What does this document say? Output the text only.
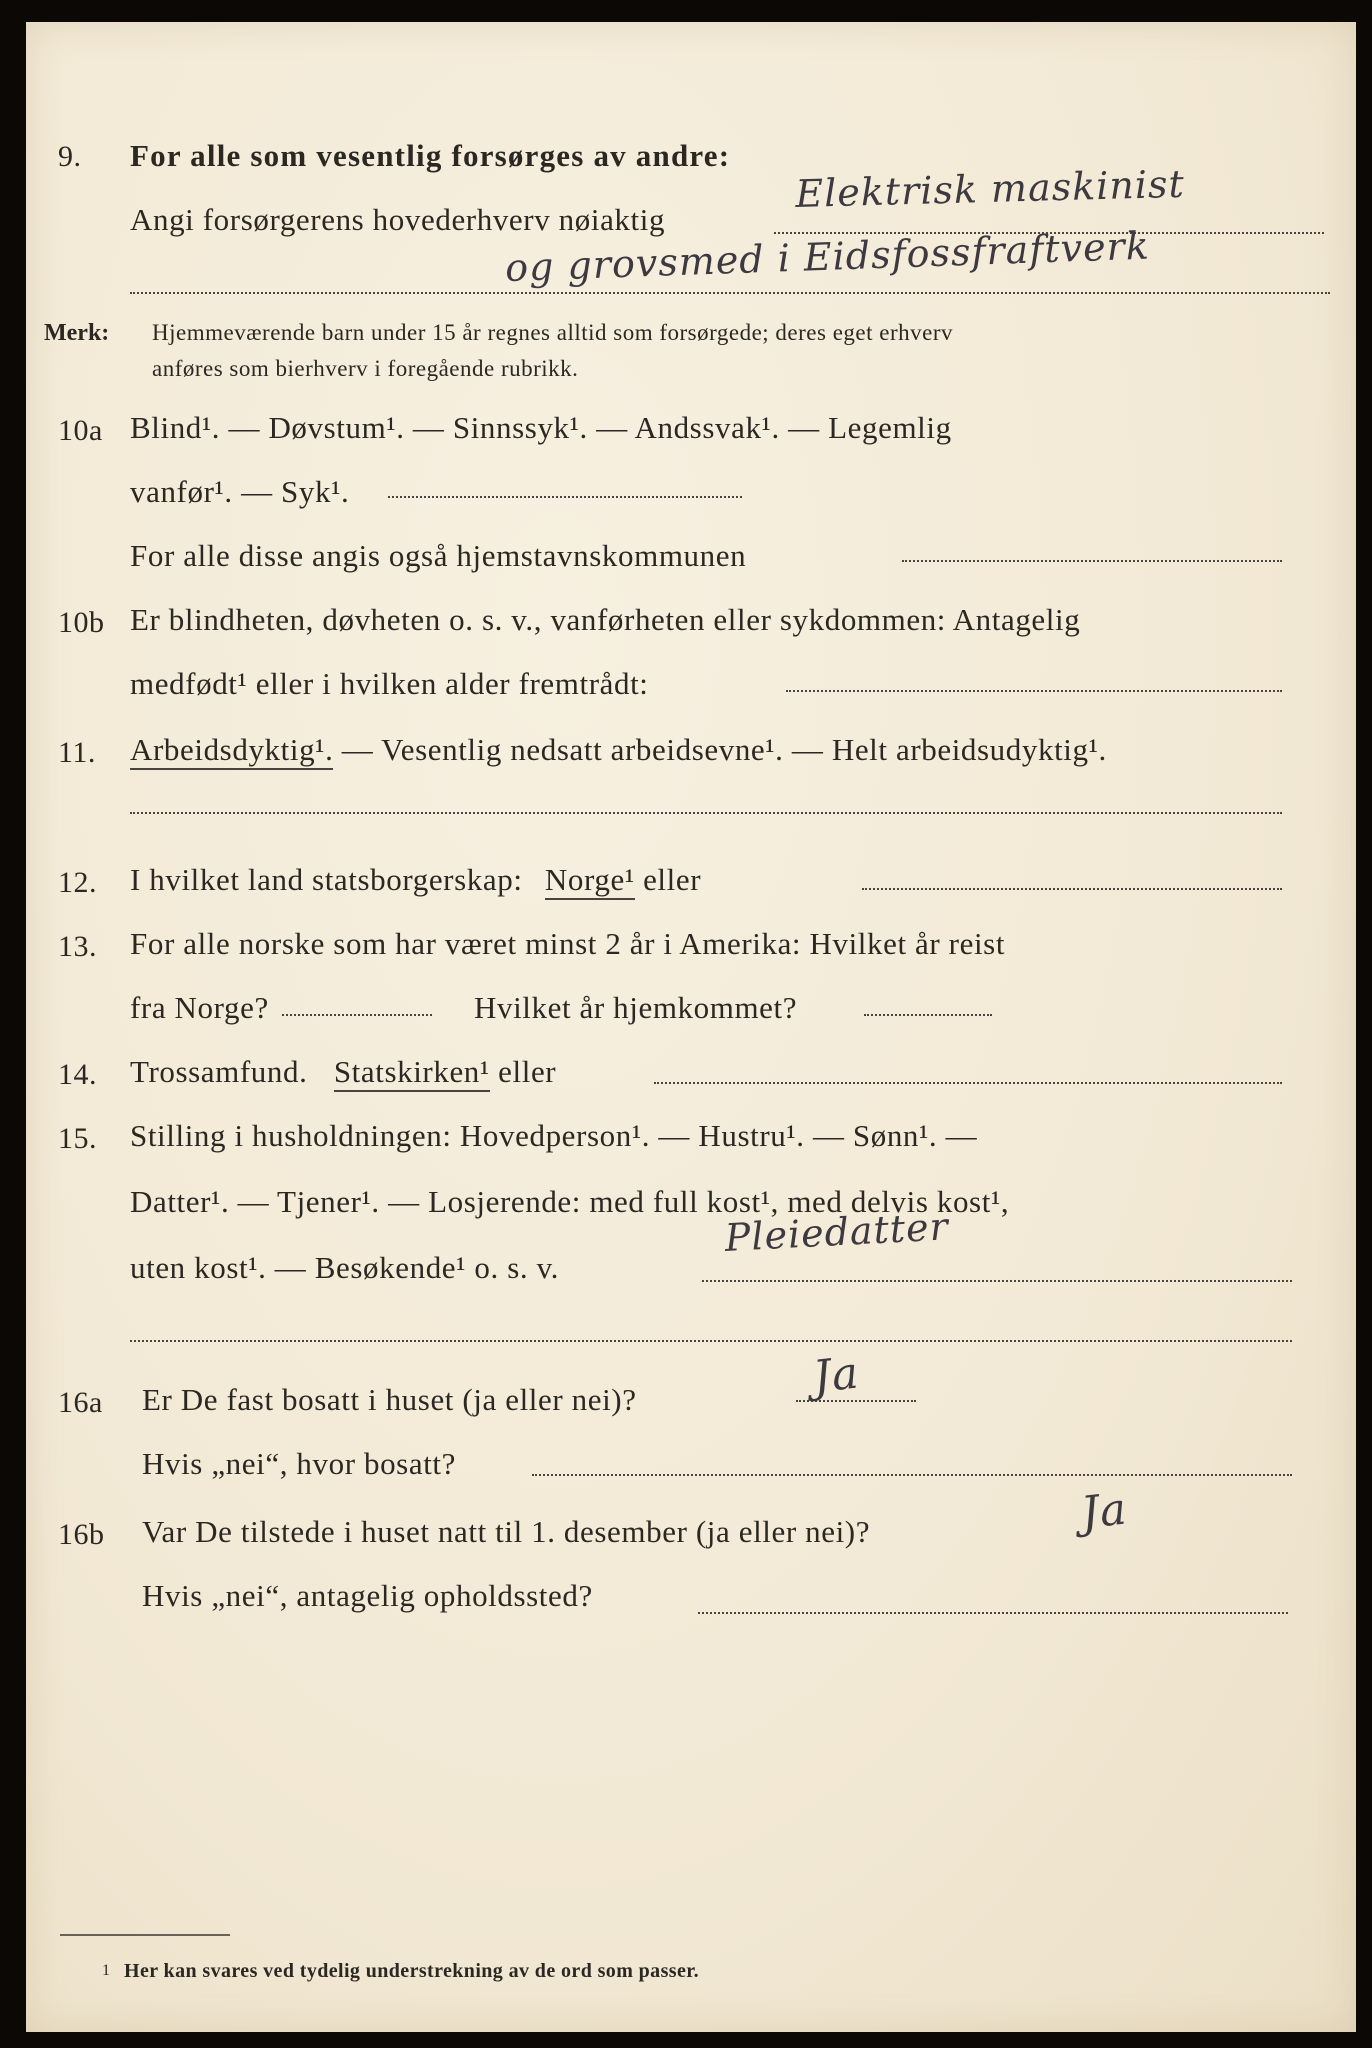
9. For alle som vesentlig forsørges av andre:
Angi forsørgerens hovederhverv nøiaktig
Elektrisk maskinist
og grovsmed i Eidsfossfraftverk
Merk: Hjemmeværende barn under 15 år regnes alltid som forsørgede; deres eget erhverv
anføres som bierhverv i foregående rubrikk.
10a Blind¹. — Døvstum¹. — Sinnssyk¹. — Andssvak¹. — Legemlig
vanfør¹. — Syk¹.
For alle disse angis også hjemstavnskommunen
10b Er blindheten, døvheten o. s. v., vanførheten eller sykdommen: Antagelig
medfødt¹ eller i hvilken alder fremtrådt:
11. Arbeidsdyktig¹. — Vesentlig nedsatt arbeidsevne¹. — Helt arbeidsudyktig¹.
12. I hvilket land statsborgerskap: Norge¹ eller
13. For alle norske som har været minst 2 år i Amerika: Hvilket år reist
fra Norge?	Hvilket år hjemkommet?
14. Trossamfund. Statskirken¹ eller
15. Stilling i husholdningen: Hovedperson¹. — Hustru¹. — Sønn¹. —
Datter¹. — Tjener¹. — Losjerende: med full kost¹, med delvis kost¹,
uten kost¹. — Besøkende¹ o. s. v.
Pleiedatter
16a Er De fast bosatt i huset (ja eller nei)?	Ja
Hvis „nei“, hvor bosatt?
16b Var De tilstede i huset natt til 1. desember (ja eller nei)?	Ja
Hvis „nei“, antagelig opholdssted?
1 Her kan svares ved tydelig understrekning av de ord som passer.
